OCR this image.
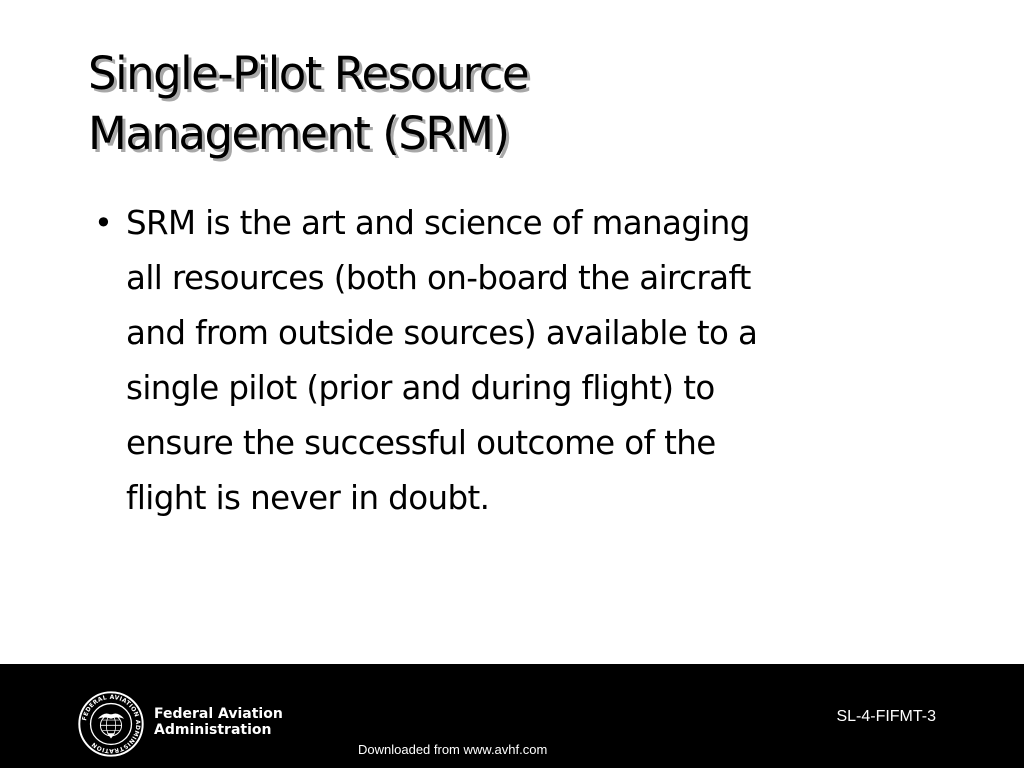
Single-Pilot Resource
Management (SRM)
• SRM is the art and science of managing
all resources (both on-board the aircraft
and from outside sources) available to a
single pilot (prior and during flight) to
ensure the successful outcome of the
flight is never in doubt.
FEDERAL AVIATION ADMINISTRATION
Federal Aviation
Administration
SL-4-FIFMT-3
Downloaded from www.avhf.com
